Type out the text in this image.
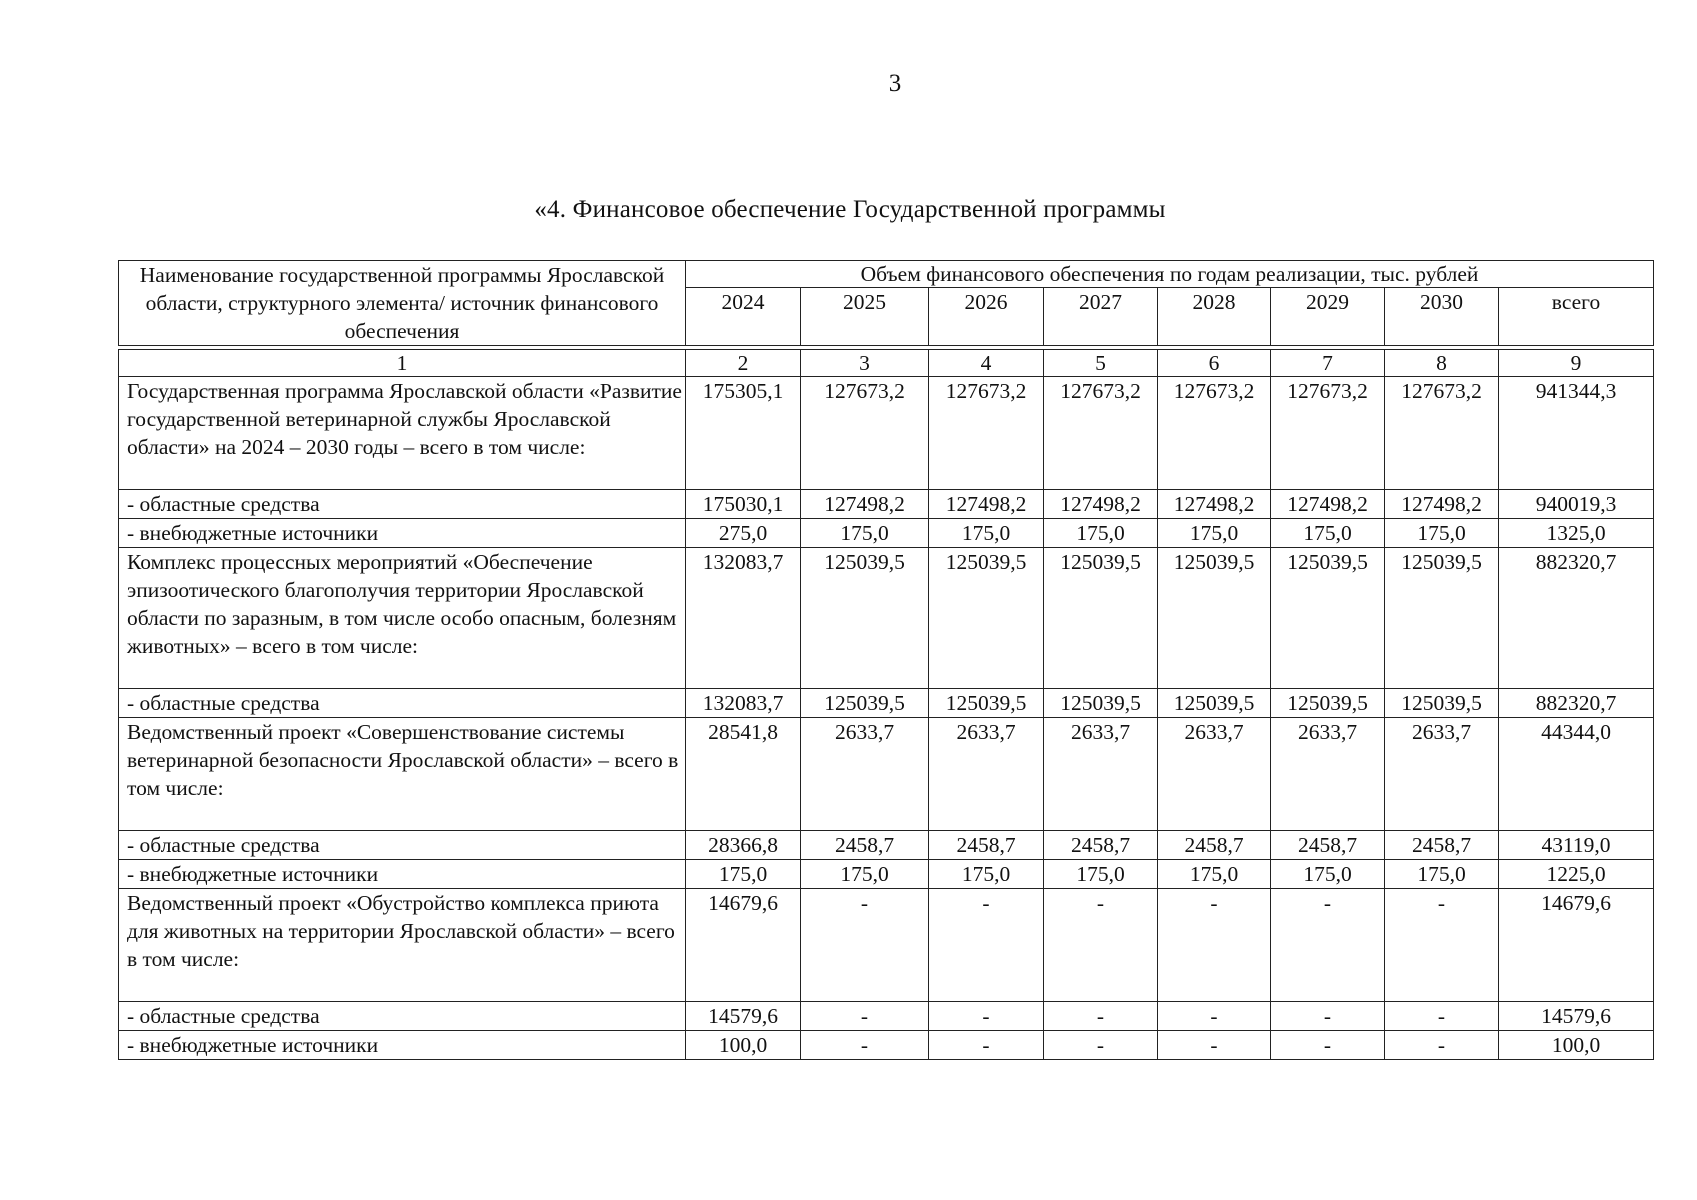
3
«4. Финансовое обеспечение Государственной программы
Наименование государственной программы Ярославской области, структурного элемента/ источник финансового обеспечения	Объем финансового обеспечения по годам реализации, тыс. рублей							
	2024	2025	2026	2027	2028	2029	2030	всего

1	2	3	4	5	6	7	8	9
Государственная программа Ярославской области «Развитие государственной ветеринарной службы Ярославской области» на 2024 – 2030 годы – всего в том числе:	175305,1	127673,2	127673,2	127673,2	127673,2	127673,2	127673,2	941344,3
- областные средства	175030,1	127498,2	127498,2	127498,2	127498,2	127498,2	127498,2	940019,3
- внебюджетные источники	275,0	175,0	175,0	175,0	175,0	175,0	175,0	1325,0
Комплекс процессных мероприятий «Обеспечение эпизоотического благополучия территории Ярославской области по заразным, в том числе особо опасным, болезням животных» – всего в том числе:	132083,7	125039,5	125039,5	125039,5	125039,5	125039,5	125039,5	882320,7
- областные средства	132083,7	125039,5	125039,5	125039,5	125039,5	125039,5	125039,5	882320,7
Ведомственный проект «Совершенствование системы ветеринарной безопасности Ярославской области» – всего в том числе:	28541,8	2633,7	2633,7	2633,7	2633,7	2633,7	2633,7	44344,0
- областные средства	28366,8	2458,7	2458,7	2458,7	2458,7	2458,7	2458,7	43119,0
- внебюджетные источники	175,0	175,0	175,0	175,0	175,0	175,0	175,0	1225,0
Ведомственный проект «Обустройство комплекса приюта для животных на территории Ярославской области» – всего в том числе:	14679,6	-	-	-	-	-	-	14679,6
- областные средства	14579,6	-	-	-	-	-	-	14579,6
- внебюджетные источники	100,0	-	-	-	-	-	-	100,0
